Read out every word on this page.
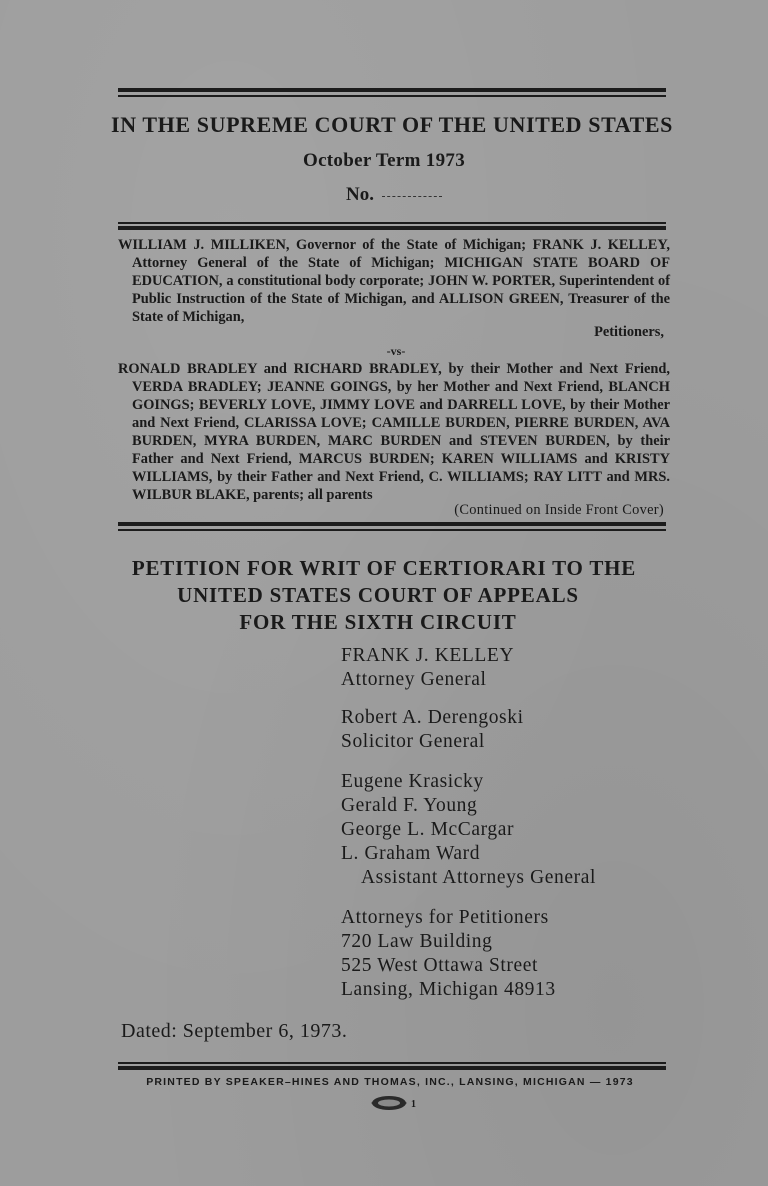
IN THE SUPREME COURT OF THE UNITED STATES
October Term 1973
No.
WILLIAM J. MILLIKEN, Governor of the State of Michigan; FRANK J. KELLEY, Attorney General of the State of Michigan; MICHIGAN STATE BOARD OF EDUCATION, a constitutional body corporate; JOHN W. PORTER, Superintendent of Public Instruction of the State of Michigan, and ALLISON GREEN, Treasurer of the State of Michigan,
Petitioners,
-vs-
RONALD BRADLEY and RICHARD BRADLEY, by their Mother and Next Friend, VERDA BRADLEY; JEANNE GOINGS, by her Mother and Next Friend, BLANCH GOINGS; BEVERLY LOVE, JIMMY LOVE and DARRELL LOVE, by their Mother and Next Friend, CLARISSA LOVE; CAMILLE BURDEN, PIERRE BURDEN, AVA BURDEN, MYRA BURDEN, MARC BURDEN and STEVEN BURDEN, by their Father and Next Friend, MARCUS BURDEN; KAREN WILLIAMS and KRISTY WILLIAMS, by their Father and Next Friend, C. WILLIAMS; RAY LITT and MRS. WILBUR BLAKE, parents; all parents
(Continued on Inside Front Cover)
PETITION FOR WRIT OF CERTIORARI TO THE
UNITED STATES COURT OF APPEALS
FOR THE SIXTH CIRCUIT
FRANK J. KELLEY
Attorney General
Robert A. Derengoski
Solicitor General
Eugene Krasicky
Gerald F. Young
George L. McCargar
L. Graham Ward
Assistant Attorneys General
Attorneys for Petitioners
720 Law Building
525 West Ottawa Street
Lansing, Michigan 48913
Dated: September 6, 1973.
PRINTED BY SPEAKER–HINES AND THOMAS, INC., LANSING, MICHIGAN — 1973
1
